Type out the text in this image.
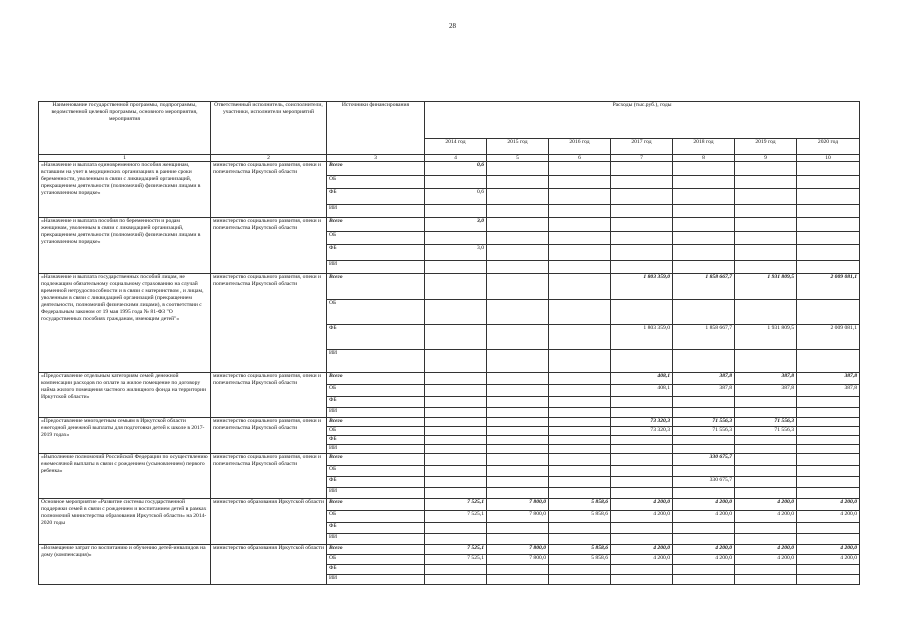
28
Наименование государственной программы, подпрограммы, ведомственной целевой программы, основного мероприятия, мероприятия	Ответственный исполнитель, соисполнители, участники, исполнители мероприятий	Источники финансирования	Расходы (тыс.руб.), годы						
			2014 год	2015 год	2016 год	2017 год	2018 год	2019 год	2020 год
1	2	3	4	5	6	7	8	9	10
«Назначение и выплата единовременного пособия женщинам, вставшим на учет в медицинских организациях в ранние сроки беременности, уволенным в связи с ликвидацией организаций, прекращением деятельности (полномочий) физическими лицами в установленном порядке»	министерство социального развития, опеки и попечительства Иркутской области	Всего	0,6						
		ОБ							
		ФБ	0,6						
		ИИ							
«Назначение и выплата пособия по беременности и родам женщинам, уволенным в связи с ликвидацией организаций, прекращением деятельности (полномочий) физическими лицами в установленном порядке»	министерство социального развития, опеки и попечительства Иркутской области	Всего	3,0						
		ОБ							
		ФБ	3,0						
		ИИ							
«Назначение и выплата государственных пособий лицам, не подлежащим обязательному социальному страхованию на случай временной нетрудоспособности и в связи с материнством , и лицам, уволенным в связи с ликвидацией организаций (прекращением деятельности, полномочий физическими лицами), в соответствии с Федеральным законом от 19 мая 1995 года № 81-ФЗ "О государственных пособиях гражданам, имеющим детей"»	министерство социального развития, опеки и попечительства Иркутской области	Всего				1 803 359,0	1 858 667,7	1 931 809,5	2 009 081,1
		ОБ							
		ФБ				1 803 359,0	1 858 667,7	1 931 809,5	2 009 081,1
		ИИ							
«Предоставление отдельным категориям семей денежной компенсации расходов по оплате за жилое помещение по договору найма жилого помещения частного жилищного фонда на территории Иркутской области»	министерство социального развития, опеки и попечительства Иркутской области	Всего				408,1	387,8	387,8	387,8
		ОБ				408,1	387,8	387,8	387,8
		ФБ							
		ИИ							
«Предоставление многодетным семьям в Иркутской области ежегодной денежной выплаты для подготовки детей к школе в 2017-2019 годах»	министерство социального развития, опеки и попечительства Иркутской области	Всего				73 320,3	71 556,3	71 556,3	
		ОБ				73 320,3	71 556,3	71 556,3	
		ФБ							
		ИИ							
«Выполнение полномочий Российской Федерации по осуществлению ежемесячной выплаты в связи с рождением (усыновлением) первого ребенка»	министерство социального развития, опеки и попечительства Иркутской области	Всего					330 675,7		
		ОБ							
		ФБ					330 675,7		
		ИИ							
Основное мероприятие «Развитие системы государственной поддержки семей в связи с рождением и воспитанием детей в рамках полномочий министерства образования Иркутской области» на 2014-2020 годы	министерство образования Иркутской области	Всего	7 525,1	7 800,0	5 858,6	4 200,0	4 200,0	4 200,0	4 200,0
		ОБ	7 525,1	7 800,0	5 858,6	4 200,0	4 200,0	4 200,0	4 200,0
		ФБ							
		ИИ							
«Возмещение затрат по воспитанию и обучению детей-инвалидов на дому (компенсация)»	министерство образования Иркутской области	Всего	7 525,1	7 800,0	5 858,6	4 200,0	4 200,0	4 200,0	4 200,0
		ОБ	7 525,1	7 800,0	5 858,6	4 200,0	4 200,0	4 200,0	4 200,0
		ФБ							
		ИИ							
